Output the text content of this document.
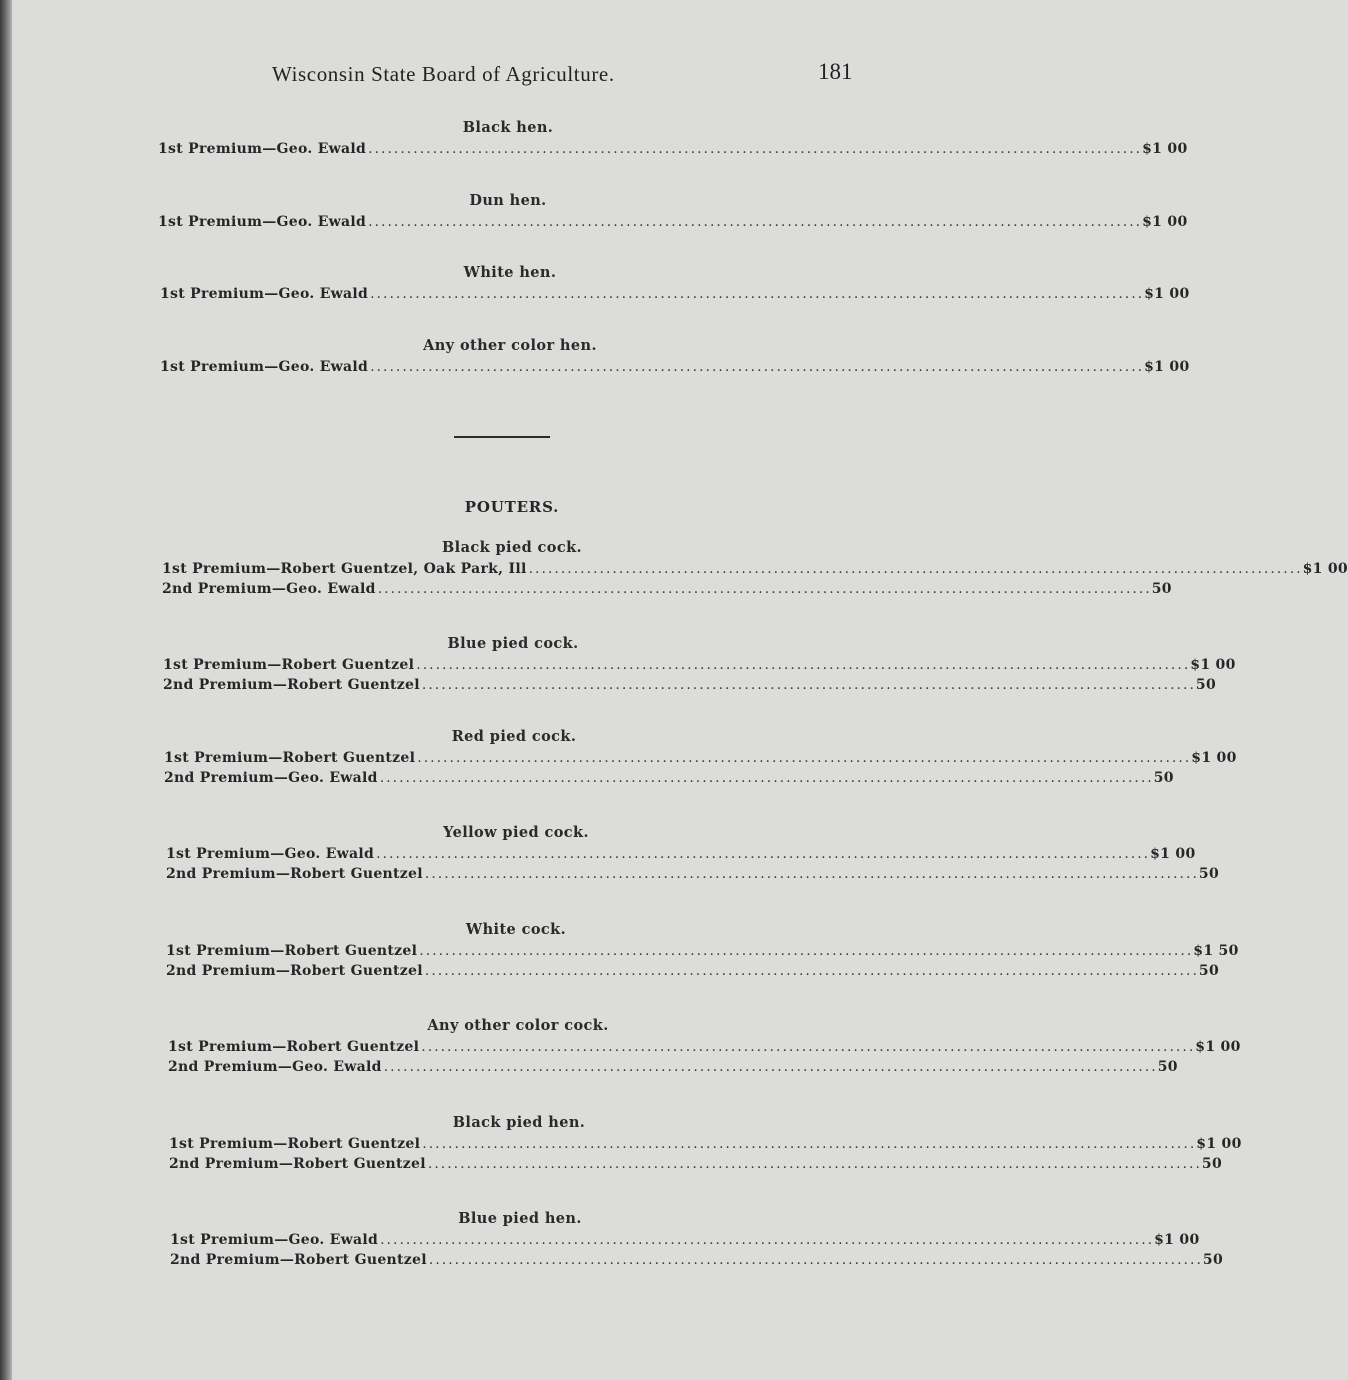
Wisconsin State Board of Agriculture.	181
Black hen.
1st Premium—Geo. Ewald ........................................................................................................................ $1 00
Dun hen.
1st Premium—Geo. Ewald ........................................................................................................................ $1 00
White hen.
1st Premium—Geo. Ewald ........................................................................................................................ $1 00
Any other color hen.
1st Premium—Geo. Ewald ........................................................................................................................ $1 00
POUTERS.
Black pied cock.
1st Premium—Robert Guentzel, Oak Park, Ill ........................................................................................................................ $1 00
2nd Premium—Geo. Ewald ........................................................................................................................ 50
Blue pied cock.
1st Premium—Robert Guentzel ........................................................................................................................ $1 00
2nd Premium—Robert Guentzel ........................................................................................................................ 50
Red pied cock.
1st Premium—Robert Guentzel ........................................................................................................................ $1 00
2nd Premium—Geo. Ewald ........................................................................................................................ 50
Yellow pied cock.
1st Premium—Geo. Ewald ........................................................................................................................ $1 00
2nd Premium—Robert Guentzel ........................................................................................................................ 50
White cock.
1st Premium—Robert Guentzel ........................................................................................................................ $1 50
2nd Premium—Robert Guentzel ........................................................................................................................ 50
Any other color cock.
1st Premium—Robert Guentzel ........................................................................................................................ $1 00
2nd Premium—Geo. Ewald ........................................................................................................................ 50
Black pied hen.
1st Premium—Robert Guentzel ........................................................................................................................ $1 00
2nd Premium—Robert Guentzel ........................................................................................................................ 50
Blue pied hen.
1st Premium—Geo. Ewald ........................................................................................................................ $1 00
2nd Premium—Robert Guentzel ........................................................................................................................ 50
